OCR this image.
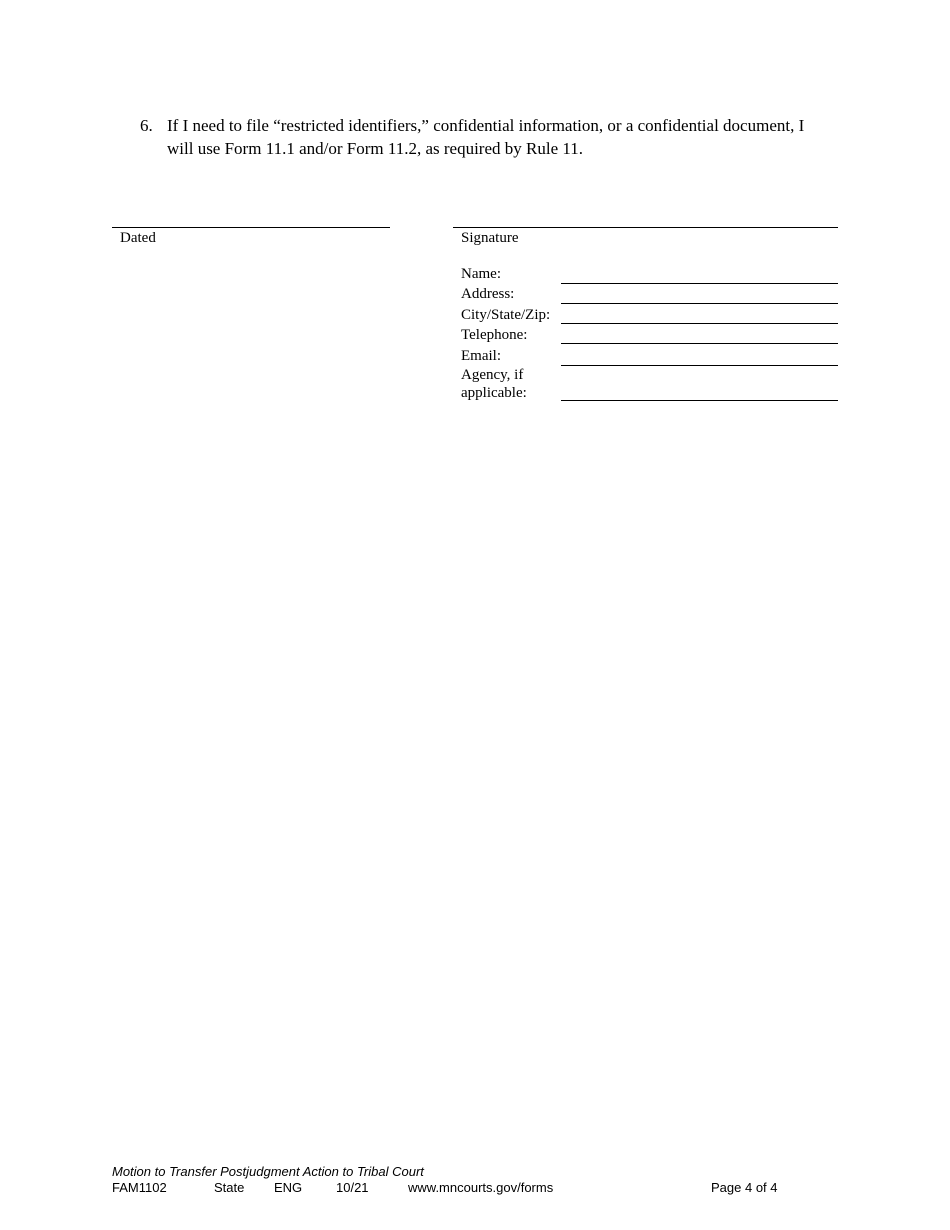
6. If I need to file “restricted identifiers,” confidential information, or a confidential document, I will use Form 11.1 and/or Form 11.2, as required by Rule 11.
Dated	Signature
Name:
Address:
City/State/Zip:
Telephone:
Email:
Agency, if
applicable:
Motion to Transfer Postjudgment Action to Tribal Court
FAM1102	State ENG	10/21	www.mncourts.gov/forms	Page 4 of 4
